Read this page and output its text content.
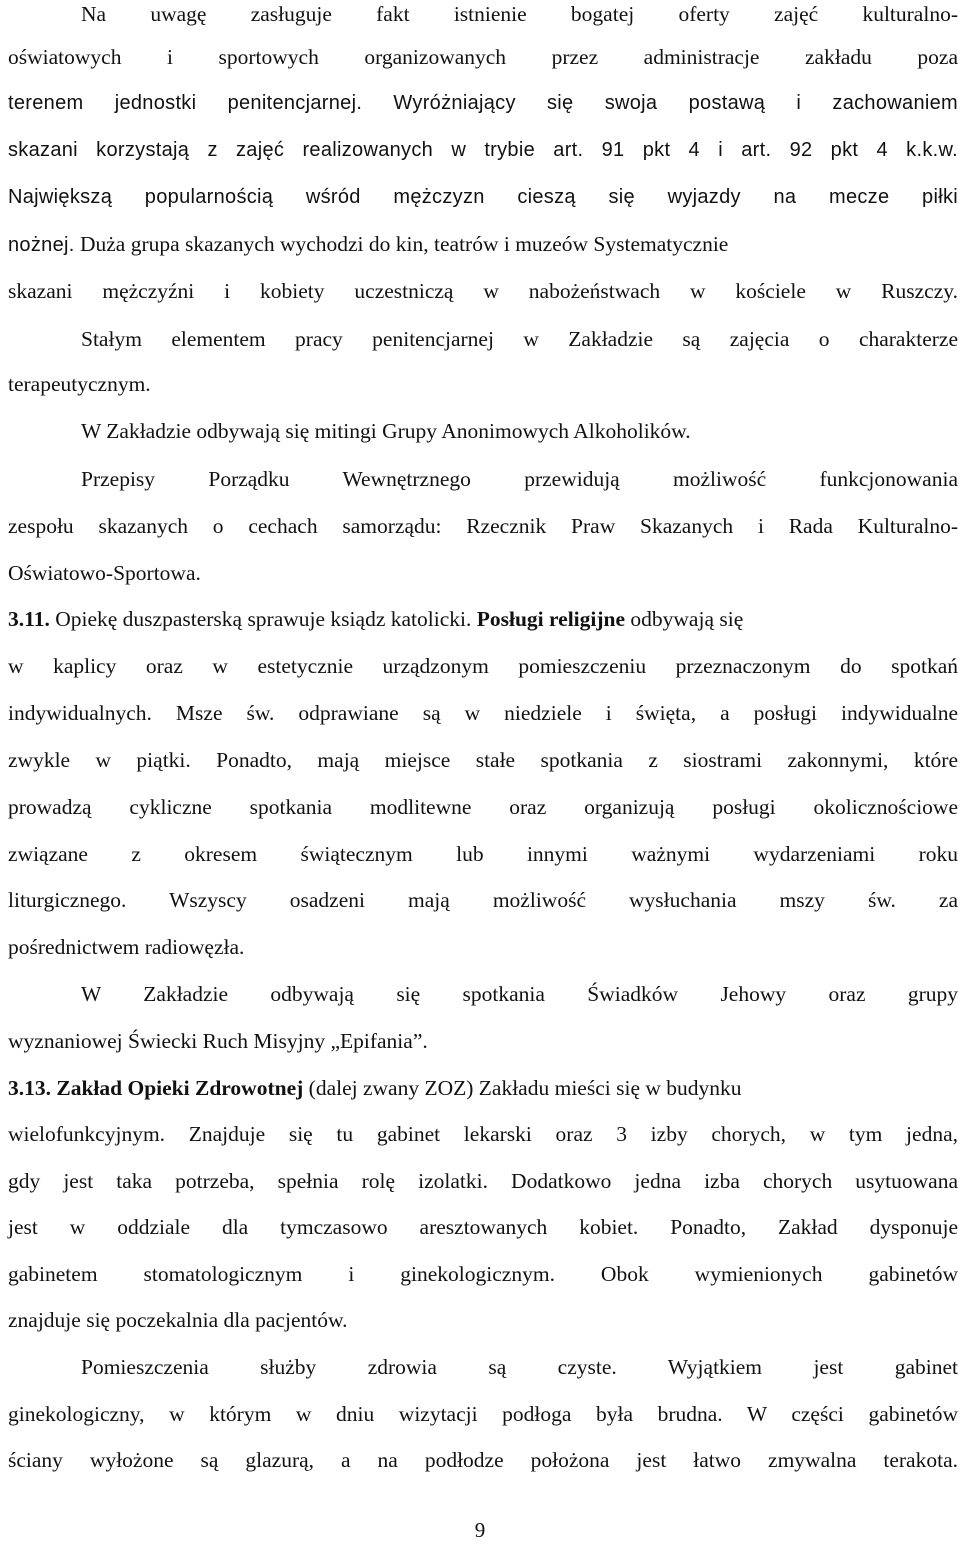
Na uwagę zasługuje fakt istnienie bogatej oferty zajęć kulturalno-

oświatowych i sportowych organizowanych przez administracje zakładu poza

terenem jednostki penitencjarnej. Wyróżniający się swoja postawą i zachowaniem

skazani korzystają z zajęć realizowanych w trybie art. 91 pkt 4 i art. 92 pkt 4 k.k.w.

Największą popularnością wśród mężczyzn cieszą się wyjazdy na mecze piłki

nożnej. Duża grupa skazanych wychodzi do kin, teatrów i muzeów Systematycznie

skazani mężczyźni i kobiety uczestniczą w nabożeństwach w kościele w Ruszczy.

Stałym elementem pracy penitencjarnej w Zakładzie są zajęcia o charakterze

terapeutycznym.

W Zakładzie odbywają się mitingi Grupy Anonimowych Alkoholików.

Przepisy Porządku Wewnętrznego przewidują możliwość funkcjonowania

zespołu skazanych o cechach samorządu: Rzecznik Praw Skazanych i Rada Kulturalno-

Oświatowo-Sportowa.

3.11. Opiekę duszpasterską sprawuje ksiądz katolicki. Posługi religijne odbywają się

w kaplicy oraz w estetycznie urządzonym pomieszczeniu przeznaczonym do spotkań

indywidualnych. Msze św. odprawiane są w niedziele i święta, a posługi indywidualne

zwykle w piątki. Ponadto, mają miejsce stałe spotkania z siostrami zakonnymi, które

prowadzą cykliczne spotkania modlitewne oraz organizują posługi okolicznościowe

związane z okresem świątecznym lub innymi ważnymi wydarzeniami roku

liturgicznego. Wszyscy osadzeni mają możliwość wysłuchania mszy św. za

pośrednictwem radiowęzła.

W Zakładzie odbywają się spotkania Świadków Jehowy oraz grupy

wyznaniowej Świecki Ruch Misyjny „Epifania”.

3.13. Zakład Opieki Zdrowotnej (dalej zwany ZOZ) Zakładu mieści się w budynku

wielofunkcyjnym. Znajduje się tu gabinet lekarski oraz 3 izby chorych, w tym jedna,

gdy jest taka potrzeba, spełnia rolę izolatki. Dodatkowo jedna izba chorych usytuowana

jest w oddziale dla tymczasowo aresztowanych kobiet. Ponadto, Zakład dysponuje

gabinetem stomatologicznym i ginekologicznym. Obok wymienionych gabinetów

znajduje się poczekalnia dla pacjentów.

Pomieszczenia służby zdrowia są czyste. Wyjątkiem jest gabinet

ginekologiczny, w którym w dniu wizytacji podłoga była brudna. W części gabinetów

ściany wyłożone są glazurą, a na podłodze położona jest łatwo zmywalna terakota.

9
